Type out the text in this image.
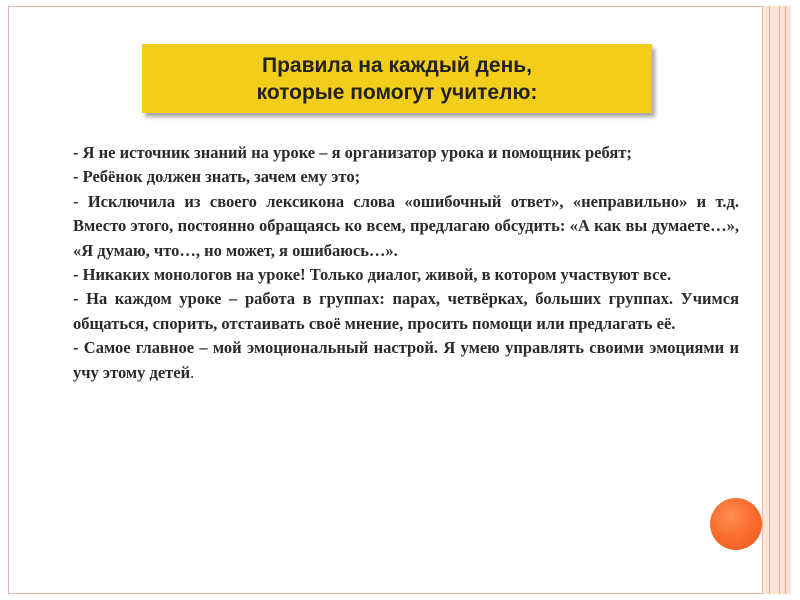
Правила на каждый день,
которые помогут учителю:

- Я не источник знаний на уроке – я организатор урока и помощник ребят;

- Ребёнок должен знать, зачем ему это;

- Исключила из своего лексикона слова «ошибочный ответ», «неправильно» и т.д. Вместо этого, постоянно обращаясь ко всем, предлагаю обсудить: «А как вы думаете…», «Я думаю, что…, но может, я ошибаюсь…».

- Никаких монологов на уроке! Только диалог, живой, в котором участвуют все.

- На каждом уроке – работа в группах: парах, четвёрках, больших группах. Учимся общаться, спорить, отстаивать своё мнение, просить помощи или предлагать её.

- Самое главное – мой эмоциональный настрой. Я умею управлять своими эмоциями и учу этому детей.
